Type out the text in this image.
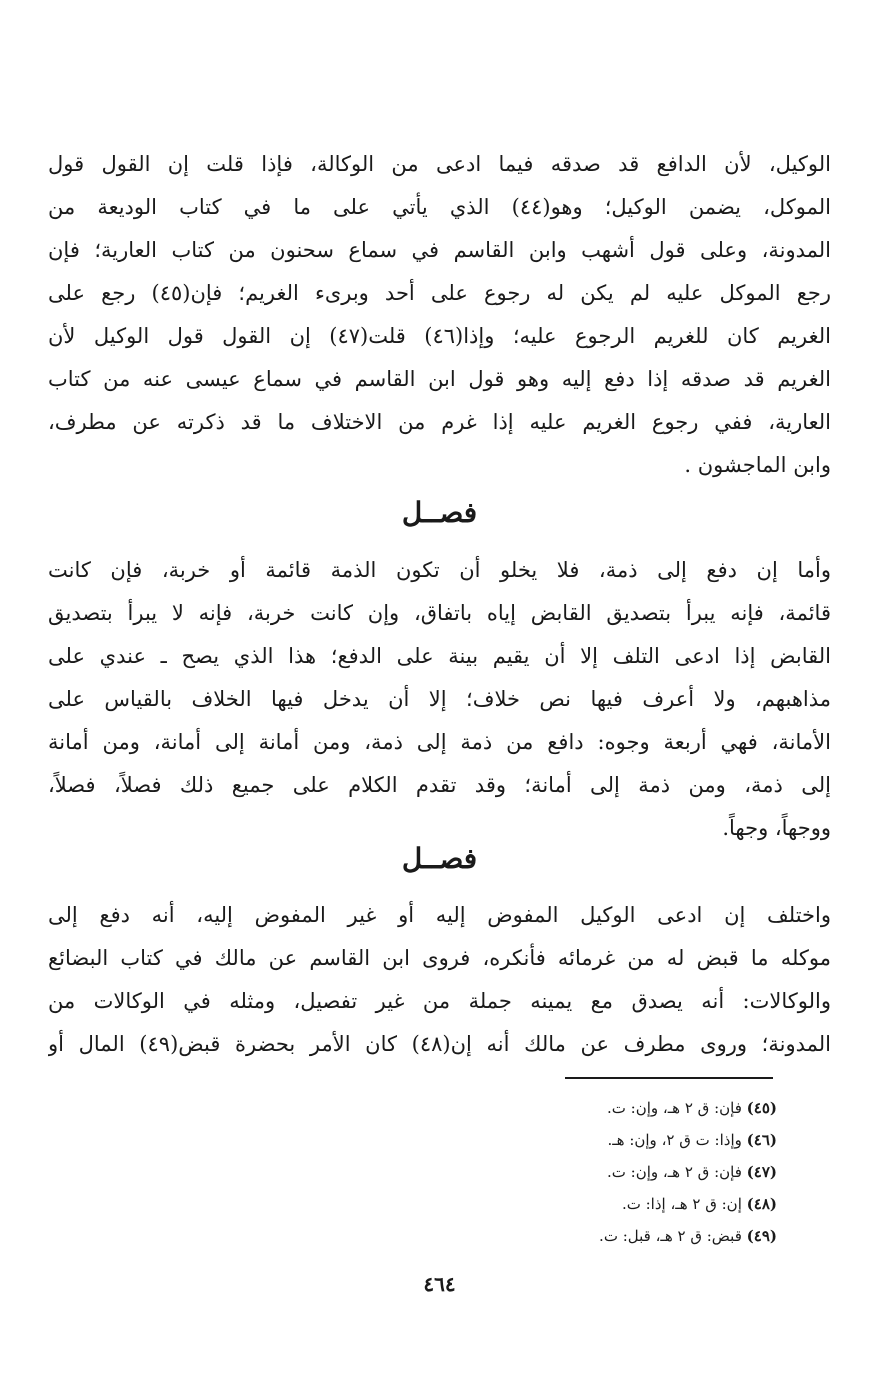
الوكيل، لأن الدافع قد صدقه فيما ادعى من الوكالة، فإذا قلت إن القول قول
الموكل، يضمن الوكيل؛ وهو(٤٤) الذي يأتي على ما في كتاب الوديعة من
المدونة، وعلى قول أشهب وابن القاسم في سماع سحنون من كتاب العارية؛ فإن
رجع الموكل عليه لم يكن له رجوع على أحد وبرىء الغريم؛ فإن(٤٥) رجع على
الغريم كان للغريم الرجوع عليه؛ وإذا(٤٦) قلت(٤٧) إن القول قول الوكيل لأن
الغريم قد صدقه إذا دفع إليه وهو قول ابن القاسم في سماع عيسى عنه من كتاب
العارية، ففي رجوع الغريم عليه إذا غرم من الاختلاف ما قد ذكرته عن مطرف،
وابن الماجشون .
فصــل
وأما إن دفع إلى ذمة، فلا يخلو أن تكون الذمة قائمة أو خربة، فإن كانت
قائمة، فإنه يبرأ بتصديق القابض إياه باتفاق، وإن كانت خربة، فإنه لا يبرأ بتصديق
القابض إذا ادعى التلف إلا أن يقيم بينة على الدفع؛ هذا الذي يصح ـ عندي على
مذاهبهم، ولا أعرف فيها نص خلاف؛ إلا أن يدخل فيها الخلاف بالقياس على
الأمانة، فهي أربعة وجوه: دافع من ذمة إلى ذمة، ومن أمانة إلى أمانة، ومن أمانة
إلى ذمة، ومن ذمة إلى أمانة؛ وقد تقدم الكلام على جميع ذلك فصلاً، فصلاً،
ووجهاً، وجهاً.
فصــل
واختلف إن ادعى الوكيل المفوض إليه أو غير المفوض إليه، أنه دفع إلى
موكله ما قبض له من غرمائه فأنكره، فروى ابن القاسم عن مالك في كتاب البضائع
والوكالات: أنه يصدق مع يمينه جملة من غير تفصيل، ومثله في الوكالات من
المدونة؛ وروى مطرف عن مالك أنه إن(٤٨) كان الأمر بحضرة قبض(٤٩) المال أو
(٤٥) فإن: ق ٢ هـ، وإن: ت.
(٤٦) وإذا: ت ق ٢، وإن: هـ.
(٤٧) فإن: ق ٢ هـ، وإن: ت.
(٤٨) إن: ق ٢ هـ، إذا: ت.
(٤٩) قبض: ق ٢ هـ، قبل: ت.
٤٦٤
